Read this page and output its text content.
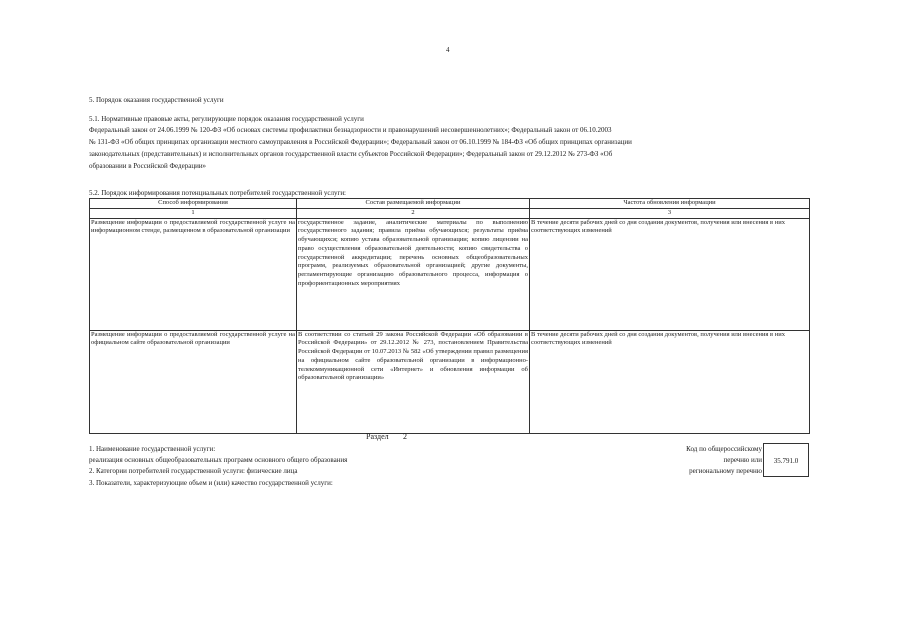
4
5. Порядок оказания государственной услуги
5.1. Нормативные правовые акты, регулирующие порядок оказания государственной услуги
Федеральный закон от 24.06.1999 № 120-ФЗ «Об основах системы профилактики безнадзорности и правонарушений несовершеннолетних»; Федеральный закон от 06.10.2003
№ 131-ФЗ «Об общих принципах организации местного самоуправления в Российской Федерации»; Федеральный закон от 06.10.1999 № 184-ФЗ «Об общих принципах организации
законодательных (представительных) и исполнительных органов государственной власти субъектов Российской Федерации»; Федеральный закон от 29.12.2012 № 273-ФЗ «Об
образовании в Российской Федерации»
5.2. Порядок информирования потенциальных потребителей государственной услуги:
Способ информирования	Состав размещаемой информации	Частота обновления информации
1	2	3
Размещение информации о предоставляемой государственной услуге на информационном стенде, размещенном в образовательной организации	государственное задание, аналитические материалы по выполнению государственного задания; правила приёма обучающихся; результаты приёма обучающихся; копию устава образовательной организации; копию лицензии на право осуществления образовательной деятельности; копию свидетельства о государственной аккредитации; перечень основных общеобразовательных программ, реализуемых образовательной организацией; другие документы, регламентирующие организацию образовательного процесса, информация о профориентационных мероприятиях	В течение десяти рабочих дней со дня создания документов, получения или внесения в них соответствующих изменений
Размещение информации о предоставляемой государственной услуге на официальном сайте образовательной организации	В соответствии со статьей 29 закона Российской Федерации «Об образовании в Российской Федерации» от 29.12.2012 № 273, постановлением Правительства Российской Федерации от 10.07.2013 № 582 «Об утверждении правил размещения на официальном сайте образовательной организации в информационно-телекоммуникационной сети «Интернет» и обновления информации об образовательной организации»	В течение десяти рабочих дней со дня создания документов, получения или внесения в них соответствующих изменений
Раздел 2
1. Наименование государственной услуги:
реализация основных общеобразовательных программ основного общего образования
2. Категории потребителей государственной услуги: физические лица
3. Показатели, характеризующие объем и (или) качество государственной услуги:
Код по общероссийскому
перечню или
региональному перечню
35.791.0
